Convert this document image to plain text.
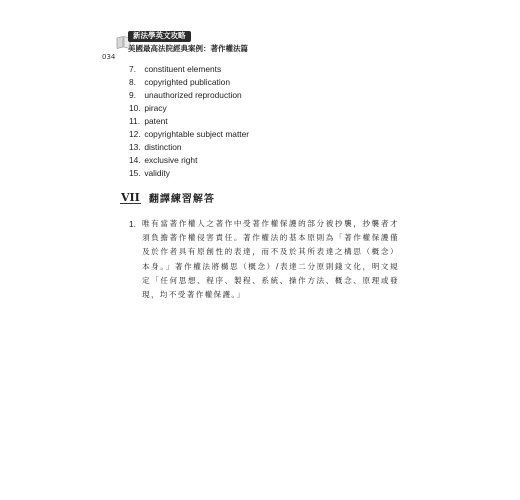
新法學英文攻略
美國最高法院經典案例：著作權法篇
034
7. constituent elements
8. copyrighted publication
9. unauthorized reproduction
10. piracy
11. patent
12. copyrightable subject matter
13. distinction
14. exclusive right
15. validity
VII 翻譯練習解答
1. 唯有當著作權人之著作中受著作權保護的部分被抄襲，抄襲者才須負擔著作權侵害責任。著作權法的基本原則為「著作權保護僅及於作者具有原創性的表達，而不及於其所表達之構思（概念）本身。」著作權法將構思（概念）/表達二分原則錢文化，明文規定「任何思想、程序、製程、系統、操作方法、概念、原理或發現，均不受著作權保護。」
